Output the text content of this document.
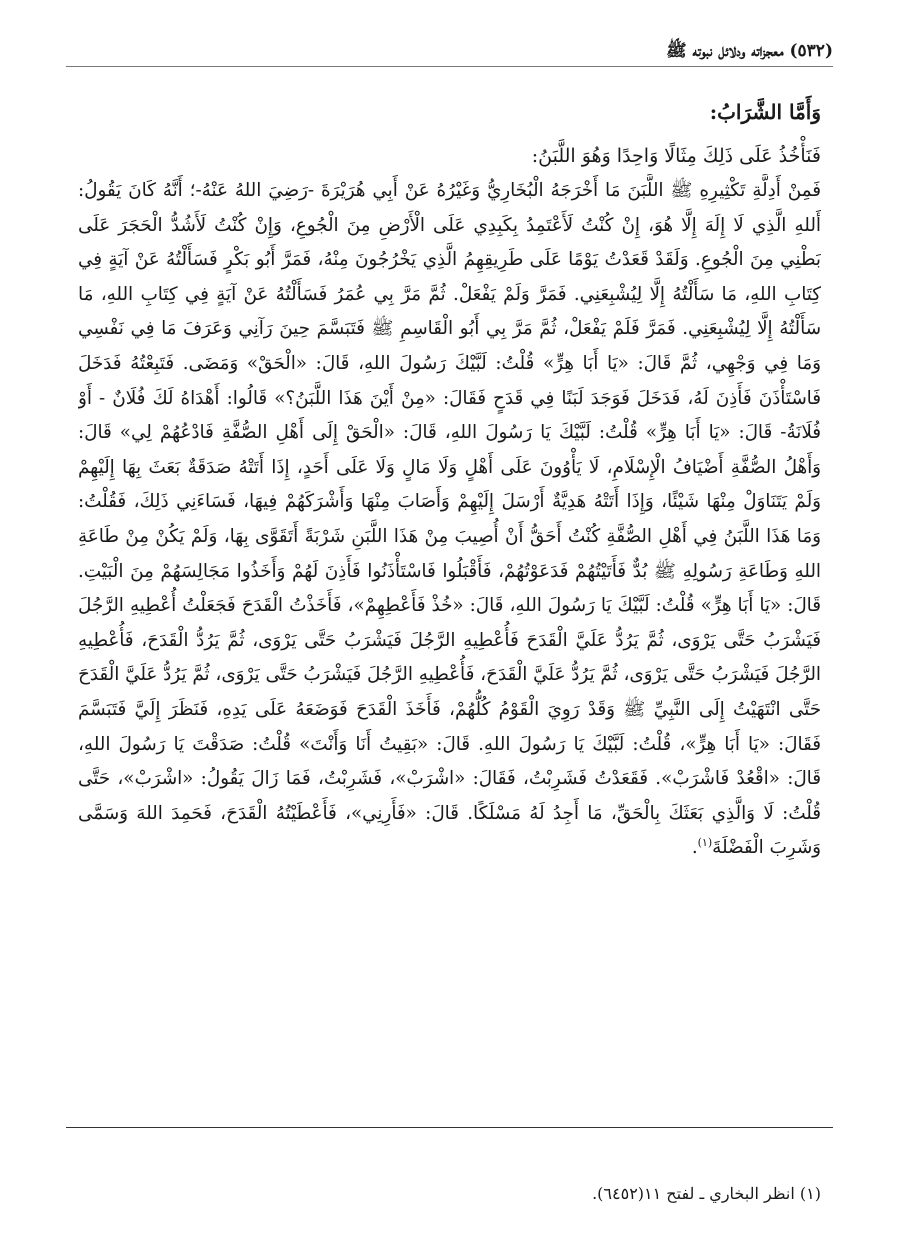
(٥٣٢) معجزاته ودلائل نبوته ﷺ
وَأَمَّا الشَّرَابُ:
فَنَأْخُذُ عَلَى ذَلِكَ مِثَالًا وَاحِدًا وَهُوَ اللَّبَنُ:
فَمِنْ أَدِلَّةِ تَكْثِيرِهِ ﷺ اللَّبَنَ مَا أَخْرَجَهُ الْبُخَارِيُّ وَغَيْرُهُ عَنْ أَبِي هُرَيْرَةَ -رَضِيَ اللهُ عَنْهُ-؛ أَنَّهُ كَانَ يَقُولُ: أَللهِ الَّذِي لَا إِلَهَ إِلَّا هُوَ، إِنْ كُنْتُ لَأَعْتَمِدُ بِكَبِدِي عَلَى الْأَرْضِ مِنَ الْجُوعِ، وَإِنْ كُنْتُ لَأَشُدُّ الْحَجَرَ عَلَى بَطْنِي مِنَ الْجُوعِ. وَلَقَدْ قَعَدْتُ يَوْمًا عَلَى طَرِيقِهِمُ الَّذِي يَخْرُجُونَ مِنْهُ، فَمَرَّ أَبُو بَكْرٍ فَسَأَلْتُهُ عَنْ آيَةٍ فِي كِتَابِ اللهِ، مَا سَأَلْتُهُ إِلَّا لِيُشْبِعَنِي. فَمَرَّ وَلَمْ يَفْعَلْ. ثُمَّ مَرَّ بِي عُمَرُ فَسَأَلْتُهُ عَنْ آيَةٍ فِي كِتَابِ اللهِ، مَا سَأَلْتُهُ إِلَّا لِيُشْبِعَنِي. فَمَرَّ فَلَمْ يَفْعَلْ، ثُمَّ مَرَّ بِي أَبُو الْقَاسِمِ ﷺ فَتَبَسَّمَ حِينَ رَآنِي وَعَرَفَ مَا فِي نَفْسِي وَمَا فِي وَجْهِي، ثُمَّ قَالَ: «يَا أَبَا هِرٍّ» قُلْتُ: لَبَّيْكَ رَسُولَ اللهِ، قَالَ: «الْحَقْ» وَمَضَى. فَتَبِعْتُهُ فَدَخَلَ فَاسْتَأْذَنَ فَأَذِنَ لَهُ، فَدَخَلَ فَوَجَدَ لَبَنًا فِي قَدَحٍ فَقَالَ: «مِنْ أَيْنَ هَذَا اللَّبَنُ؟» قَالُوا: أَهْدَاهُ لَكَ فُلَانٌ - أَوْ فُلَانَةُ- قَالَ: «يَا أَبَا هِرٍّ» قُلْتُ: لَبَّيْكَ يَا رَسُولَ اللهِ، قَالَ: «الْحَقْ إِلَى أَهْلِ الصُّفَّةِ فَادْعُهُمْ لِي» قَالَ: وَأَهْلُ الصُّفَّةِ أَضْيَافُ الْإِسْلَامِ، لَا يَأْوُونَ عَلَى أَهْلٍ وَلَا مَالٍ وَلَا عَلَى أَحَدٍ، إِذَا أَتَتْهُ صَدَقَةٌ بَعَثَ بِهَا إِلَيْهِمْ وَلَمْ يَتَنَاوَلْ مِنْهَا شَيْئًا، وَإِذَا أَتَتْهُ هَدِيَّةٌ أَرْسَلَ إِلَيْهِمْ وَأَصَابَ مِنْهَا وَأَشْرَكَهُمْ فِيهَا، فَسَاءَنِي ذَلِكَ، فَقُلْتُ: وَمَا هَذَا اللَّبَنُ فِي أَهْلِ الصُّفَّةِ كُنْتُ أَحَقُّ أَنْ أُصِيبَ مِنْ هَذَا اللَّبَنِ شَرْبَةً أَتَقَوَّى بِهَا، وَلَمْ يَكُنْ مِنْ طَاعَةِ اللهِ وَطَاعَةِ رَسُولِهِ ﷺ بُدٌّ فَأَتَيْتُهُمْ فَدَعَوْتُهُمْ، فَأَقْبَلُوا فَاسْتَأْذَنُوا فَأَذِنَ لَهُمْ وَأَخَذُوا مَجَالِسَهُمْ مِنَ الْبَيْتِ. قَالَ: «يَا أَبَا هِرٍّ» قُلْتُ: لَبَّيْكَ يَا رَسُولَ اللهِ، قَالَ: «خُذْ فَأَعْطِهِمْ»، فَأَخَذْتُ الْقَدَحَ فَجَعَلْتُ أُعْطِيهِ الرَّجُلَ فَيَشْرَبُ حَتَّى يَرْوَى، ثُمَّ يَرُدُّ عَلَيَّ الْقَدَحَ فَأُعْطِيهِ الرَّجُلَ فَيَشْرَبُ حَتَّى يَرْوَى، ثُمَّ يَرُدُّ الْقَدَحَ، فَأُعْطِيهِ الرَّجُلَ فَيَشْرَبُ حَتَّى يَرْوَى، ثُمَّ يَرُدُّ عَلَيَّ الْقَدَحَ، فَأُعْطِيهِ الرَّجُلَ فَيَشْرَبُ حَتَّى يَرْوَى، ثُمَّ يَرُدُّ عَلَيَّ الْقَدَحَ حَتَّى انْتَهَيْتُ إِلَى النَّبِيِّ ﷺ وَقَدْ رَوِيَ الْقَوْمُ كُلُّهُمْ، فَأَخَذَ الْقَدَحَ فَوَضَعَهُ عَلَى يَدِهِ، فَنَظَرَ إِلَيَّ فَتَبَسَّمَ فَقَالَ: «يَا أَبَا هِرٍّ»، قُلْتُ: لَبَّيْكَ يَا رَسُولَ اللهِ. قَالَ: «بَقِيتُ أَنَا وَأَنْتَ» قُلْتُ: صَدَقْتَ يَا رَسُولَ اللهِ، قَالَ: «اقْعُدْ فَاشْرَبْ». فَقَعَدْتُ فَشَرِبْتُ، فَقَالَ: «اشْرَبْ»، فَشَرِبْتُ، فَمَا زَالَ يَقُولُ: «اشْرَبْ»، حَتَّى قُلْتُ: لَا وَالَّذِي بَعَثَكَ بِالْحَقِّ، مَا أَجِدُ لَهُ مَسْلَكًا. قَالَ: «فَأَرِنِي»، فَأَعْطَيْتُهُ الْقَدَحَ، فَحَمِدَ اللهَ وَسَمَّى وَشَرِبَ الْفَضْلَةَ$^{(١)}$.
(١) انظر البخاري ـ لفتح ١١(٦٤٥٢).
